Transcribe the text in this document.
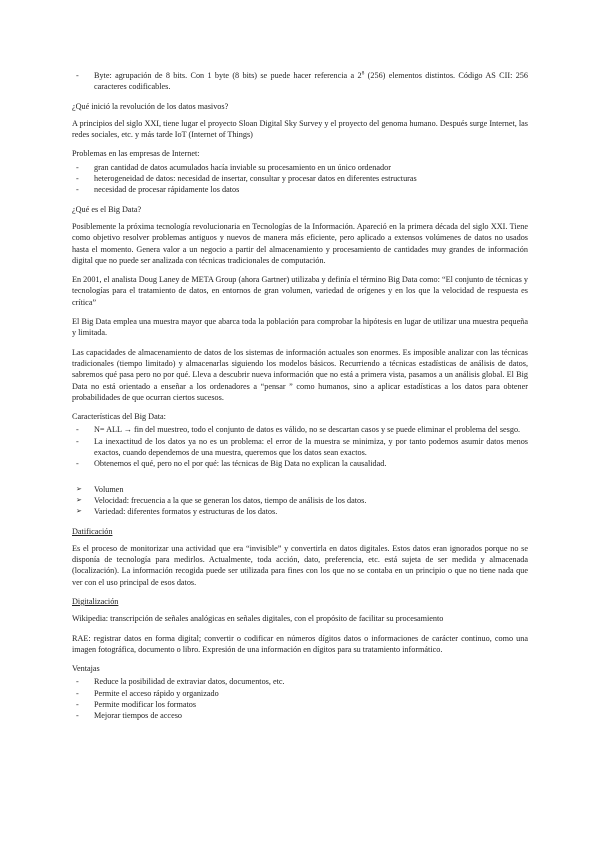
- Byte: agrupación de 8 bits. Con 1 byte (8 bits) se puede hacer referencia a $2^8$ (256) elementos distintos. Código AS CII: 256 caracteres codificables.

¿Qué inició la revolución de los datos masivos?

A principios del siglo XXI, tiene lugar el proyecto Sloan Digital Sky Survey y el proyecto del genoma humano. Después surge Internet, las redes sociales, etc. y más tarde IoT (Internet of Things)

Problemas en las empresas de Internet:

- gran cantidad de datos acumulados hacía inviable su procesamiento en un único ordenador
- heterogeneidad de datos: necesidad de insertar, consultar y procesar datos en diferentes estructuras
- necesidad de procesar rápidamente los datos

¿Qué es el Big Data?

Posiblemente la próxima tecnología revolucionaria en Tecnologías de la Información. Apareció en la primera década del siglo XXI. Tiene como objetivo resolver problemas antiguos y nuevos de manera más eficiente, pero aplicado a extensos volúmenes de datos no usados hasta el momento. Genera valor a un negocio a partir del almacenamiento y procesamiento de cantidades muy grandes de información digital que no puede ser analizada con técnicas tradicionales de computación.

En 2001, el analista Doug Laney de META Group (ahora Gartner) utilizaba y definía el término Big Data como: “El conjunto de técnicas y tecnologías para el tratamiento de datos, en entornos de gran volumen, variedad de orígenes y en los que la velocidad de respuesta es crítica”

El Big Data emplea una muestra mayor que abarca toda la población para comprobar la hipótesis en lugar de utilizar una muestra pequeña y limitada.

Las capacidades de almacenamiento de datos de los sistemas de información actuales son enormes. Es imposible analizar con las técnicas tradicionales (tiempo limitado) y almacenarlas siguiendo los modelos básicos. Recurriendo a técnicas estadísticas de análisis de datos, sabremos qué pasa pero no por qué. Lleva a descubrir nueva información que no está a primera vista, pasamos a un análisis global. El Big Data no está orientado a enseñar a los ordenadores a “pensar ” como humanos, sino a aplicar estadísticas a los datos para obtener probabilidades de que ocurran ciertos sucesos.

Características del Big Data:

- N= ALL → fin del muestreo, todo el conjunto de datos es válido, no se descartan casos y se puede eliminar el problema del sesgo.
- La inexactitud de los datos ya no es un problema: el error de la muestra se minimiza, y por tanto podemos asumir datos menos exactos, cuando dependemos de una muestra, queremos que los datos sean exactos.
- Obtenemos el qué, pero no el por qué: las técnicas de Big Data no explican la causalidad.
➢ Volumen
➢ Velocidad: frecuencia a la que se generan los datos, tiempo de análisis de los datos.
➢ Variedad: diferentes formatos y estructuras de los datos.

Datificación

Es el proceso de monitorizar una actividad que era “invisible” y convertirla en datos digitales. Estos datos eran ignorados porque no se disponía de tecnología para medirlos. Actualmente, toda acción, dato, preferencia, etc. está sujeta de ser medida y almacenada (localización). La información recogida puede ser utilizada para fines con los que no se contaba en un principio o que no tiene nada que ver con el uso principal de esos datos.

Digitalización

Wikipedia: transcripción de señales analógicas en señales digitales, con el propósito de facilitar su procesamiento

RAE: registrar datos en forma digital; convertir o codificar en números dígitos datos o informaciones de carácter continuo, como una imagen fotográfica, documento o libro. Expresión de una información en dígitos para su tratamiento informático.

Ventajas

- Reduce la posibilidad de extraviar datos, documentos, etc.
- Permite el acceso rápido y organizado
- Permite modificar los formatos
- Mejorar tiempos de acceso
